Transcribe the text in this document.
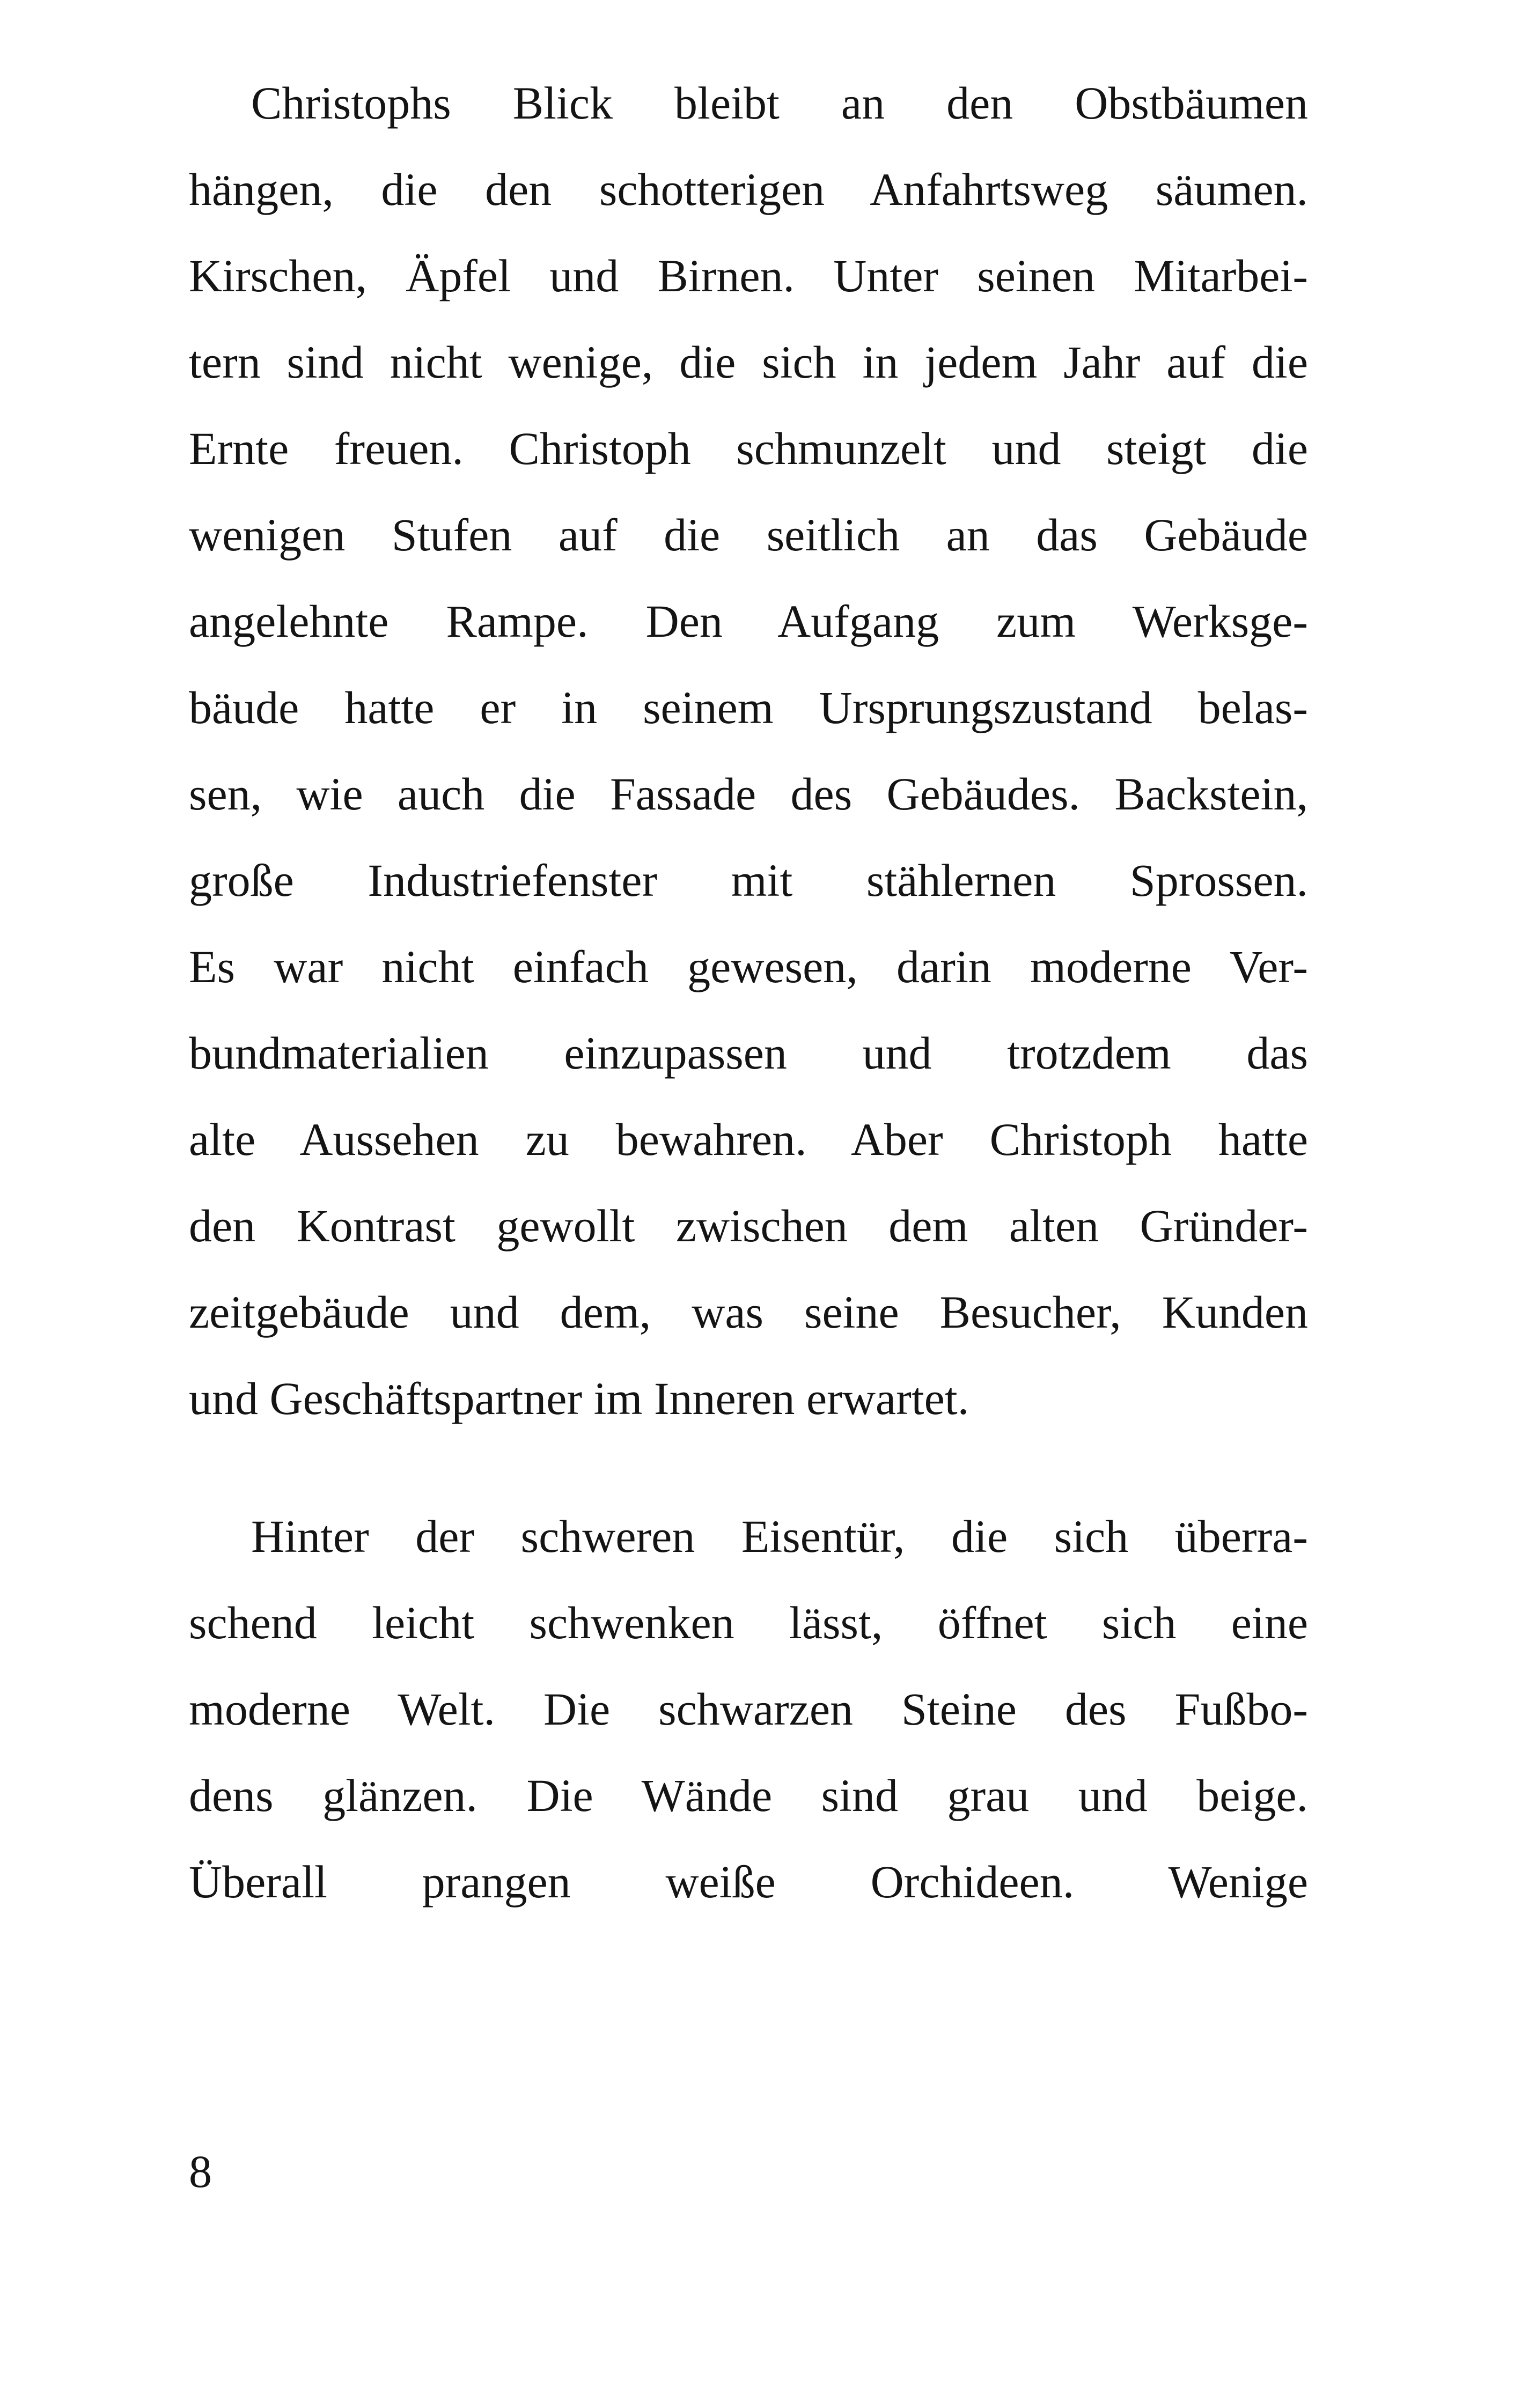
Christophs Blick bleibt an den Obstbäumen
hängen, die den schotterigen Anfahrtsweg säumen.
Kirschen, Äpfel und Birnen. Unter seinen Mitarbei-
tern sind nicht wenige, die sich in jedem Jahr auf die
Ernte freuen. Christoph schmunzelt und steigt die
wenigen Stufen auf die seitlich an das Gebäude
angelehnte Rampe. Den Aufgang zum Werksge-
bäude hatte er in seinem Ursprungszustand belas-
sen, wie auch die Fassade des Gebäudes. Backstein,
große Industriefenster mit stählernen Sprossen.
Es war nicht einfach gewesen, darin moderne Ver-
bundmaterialien einzupassen und trotzdem das
alte Aussehen zu bewahren. Aber Christoph hatte
den Kontrast gewollt zwischen dem alten Gründer-
zeitgebäude und dem, was seine Besucher, Kunden
und Geschäftspartner im Inneren erwartet.
Hinter der schweren Eisentür, die sich überra-
schend leicht schwenken lässt, öffnet sich eine
moderne Welt. Die schwarzen Steine des Fußbo-
dens glänzen. Die Wände sind grau und beige.
Überall prangen weiße Orchideen. Wenige
8
